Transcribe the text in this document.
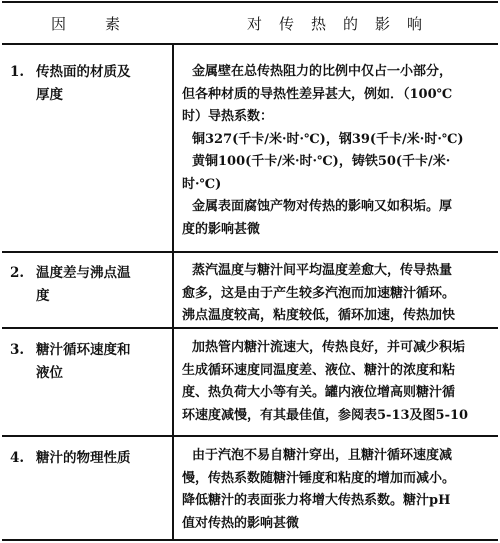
因　　素	对　传　热　的　影　响
1. 传热面的材质及
厚度

金属壁在总传热阻力的比例中仅占一小部分，

但各种材质的导热性差异甚大，例如．（100℃

时）导热系数：

铜327(千卡/米·时·℃)，钢39(千卡/米·时·℃)

黄铜100(千卡/米·时·℃)，铸铁50(千卡/米·

时·℃)

金属表面腐蚀产物对传热的影响又如积垢。厚

度的影响甚微

2. 温度差与沸点温
度

蒸汽温度与糖汁间平均温度差愈大，传导热量

愈多，这是由于产生较多汽泡而加速糖汁循环。

沸点温度较高，粘度较低，循环加速，传热加快

3. 糖汁循环速度和
液位

加热管内糖汁流速大，传热良好，并可减少积垢

生成循环速度同温度差、液位、糖汁的浓度和粘

度、热负荷大小等有关。罐内液位增高则糖汁循

环速度减慢，有其最佳值，参阅表5-13及图5-10

4. 糖汁的物理性质	由于汽泡不易自糖汁穿出，且糖汁循环速度减

慢，传热系数随糖汁锤度和粘度的增加而减小。

降低糖汁的表面张力将增大传热系数。糖汁pH

值对传热的影响甚微
